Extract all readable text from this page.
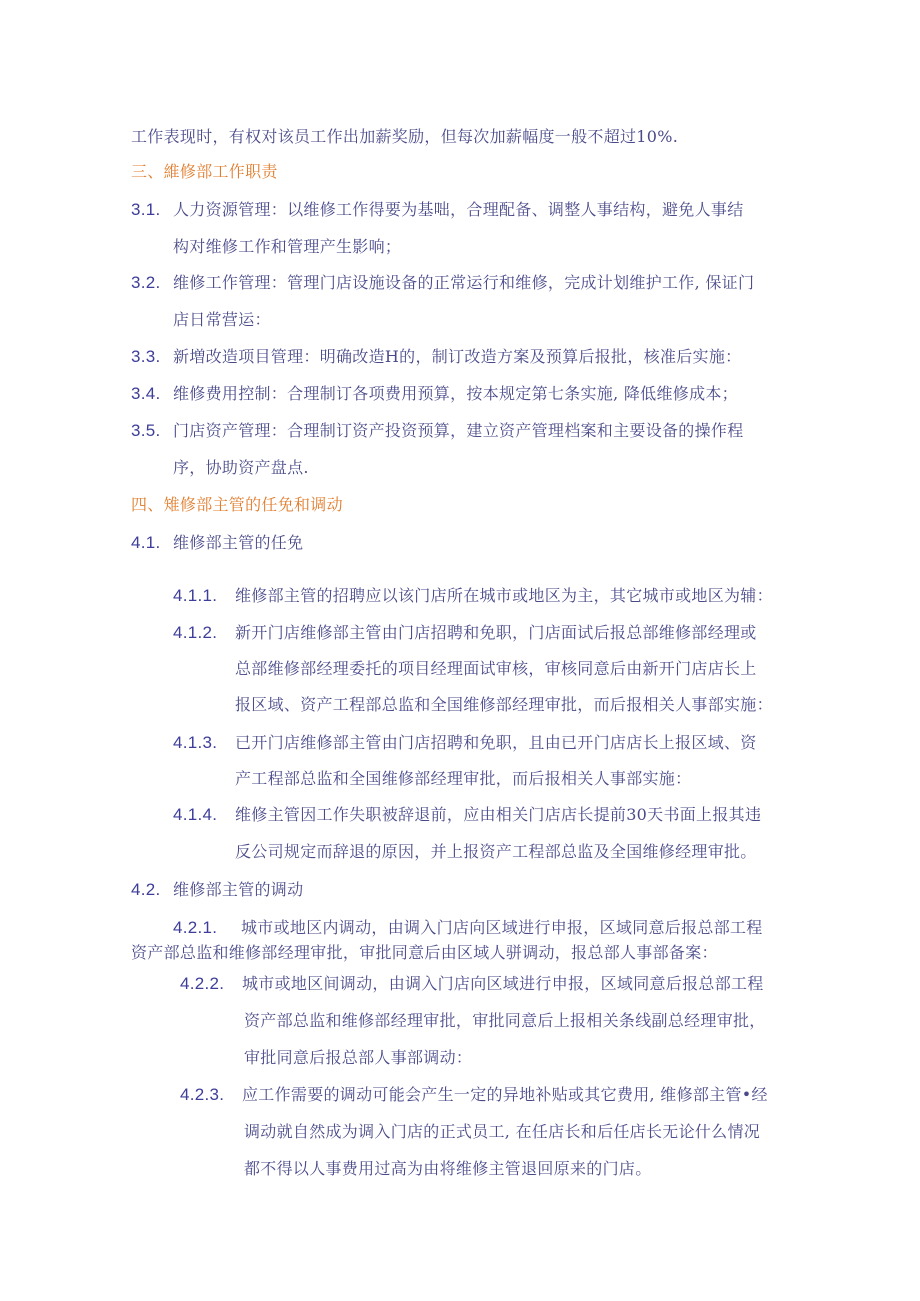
工作表现时，有权对该员工作出加薪奖励，但每次加薪幅度一般不超过10%.
三、維修部工作职责
3.1. 人力资源管理：以维修工作得要为基咄，合理配备、调整人事结构，避免人事结
构对维修工作和管理产生影响；
3.2. 维修工作管理：管理门店设施设备的正常运行和维修，完成计划维护工作, 保证门
店日常营运：
3.3. 新増改造项目管理：明确改造H的，制订改造方案及预算后报批，核准后实施：
3.4. 维修费用控制：合理制订各项费用预算，按本规定第七条实施, 降低维修成本；
3.5. 门店资产管理：合理制订资产投资预算，建立资产管理档案和主要设备的操作程
序，协助资产盘点.
四、雉修部主管的任免和调动
4.1. 维修部主管的任免
4.1.1. 维修部主管的招聘应以该门店所在城市或地区为主，其它城市或地区为辅：
4.1.2. 新开门店维修部主管由门店招聘和免职，门店面试后报总部维修部经理或
总部维修部经理委托的项目经理面试审核，审核同意后由新开门店店长上
报区域、资产工程部总监和全国维修部经理审批，而后报相关人事部实施：
4.1.3. 已开门店维修部主管由门店招聘和免职，且由已开门店店长上报区域、资
产工程部总监和全国维修部经理审批，而后报相关人事部实施：
4.1.4. 维修主管因工作失职被辞退前，应由相关门店店长提前30天书面上报其违
反公司规定而辞退的原因，并上报资产工程部总监及全国维修经理审批。
4.2. 维修部主管的调动
4.2.1. 城市或地区内调动，由调入门店向区域进行申报，区域同意后报总部工程
资产部总监和维修部经理审批，审批同意后由区域人骈调动，报总部人事部备案：
4.2.2. 城市或地区间调动，由调入门店向区域进行申报，区域同意后报总部工程
资产部总监和维修部经理审批，审批同意后上报相关条线副总经理审批，
审批同意后报总部人事部调动：
4.2.3. 应工作需要的调动可能会产生一定的异地补贴或其它费用, 维修部主管•经
调动就自然成为调入门店的正式员工, 在任店长和后任店长无论什么情况
都不得以人事费用过高为由将维修主管退回原来的门店。
